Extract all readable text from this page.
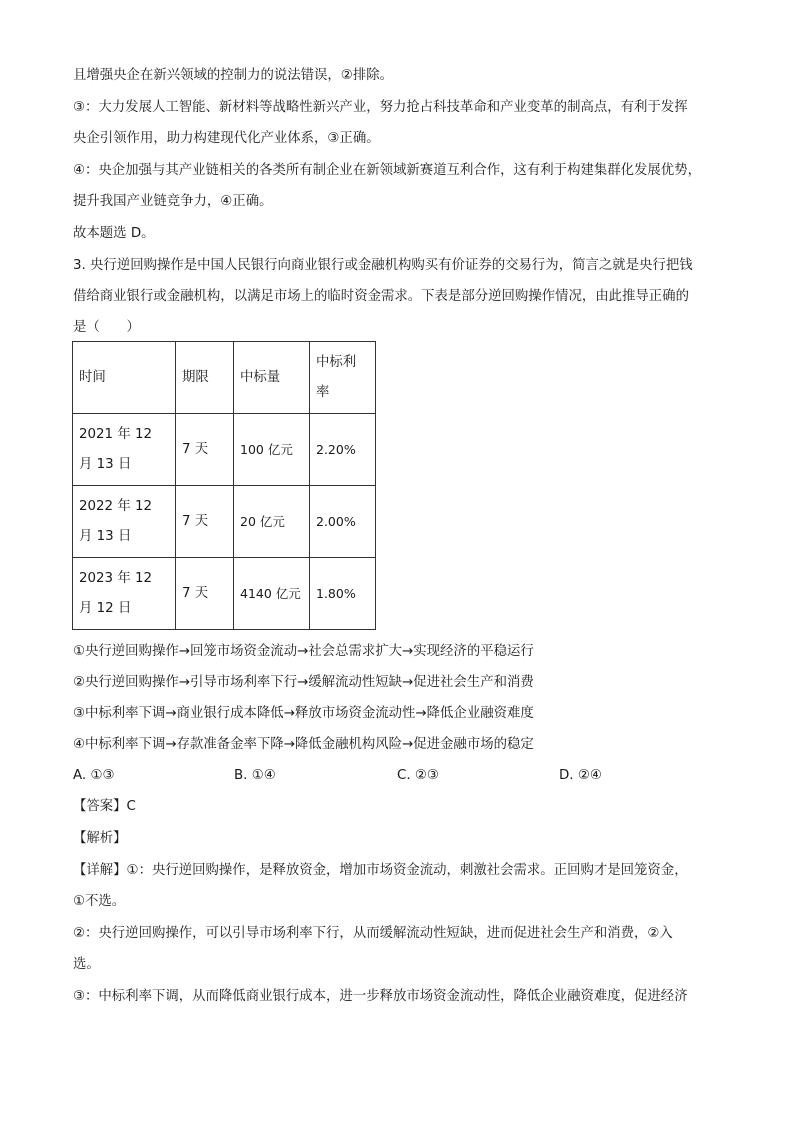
且增强央企在新兴领域的控制力的说法错误，②排除。
③：大力发展人工智能、新材料等战略性新兴产业，努力抢占科技革命和产业变革的制高点，有利于发挥
央企引领作用，助力构建现代化产业体系，③正确。
④：央企加强与其产业链相关的各类所有制企业在新领域新赛道互利合作，这有利于构建集群化发展优势，
提升我国产业链竞争力，④正确。
故本题选 D。
3. 央行逆回购操作是中国人民银行向商业银行或金融机构购买有价证券的交易行为，简言之就是央行把钱
借给商业银行或金融机构，以满足市场上的临时资金需求。下表是部分逆回购操作情况，由此推导正确的
是（　　）
时间	期限	中标量	中标利率
2021 年 12 月 13 日	7 天	100 亿元	2.20%
2022 年 12 月 13 日	7 天	20 亿元	2.00%
2023 年 12 月 12 日	7 天	4140 亿元	1.80%
①央行逆回购操作→回笼市场资金流动→社会总需求扩大→实现经济的平稳运行
②央行逆回购操作→引导市场利率下行→缓解流动性短缺→促进社会生产和消费
③中标利率下调→商业银行成本降低→释放市场资金流动性→降低企业融资难度
④中标利率下调→存款准备金率下降→降低金融机构风险→促进金融市场的稳定
A. ①③	B. ①④	C. ②③	D. ②④
【答案】C
【解析】
【详解】①：央行逆回购操作，是释放资金，增加市场资金流动，刺激社会需求。正回购才是回笼资金，
①不选。
②：央行逆回购操作，可以引导市场利率下行，从而缓解流动性短缺，进而促进社会生产和消费，②入
选。
③：中标利率下调，从而降低商业银行成本，进一步释放市场资金流动性，降低企业融资难度，促进经济
